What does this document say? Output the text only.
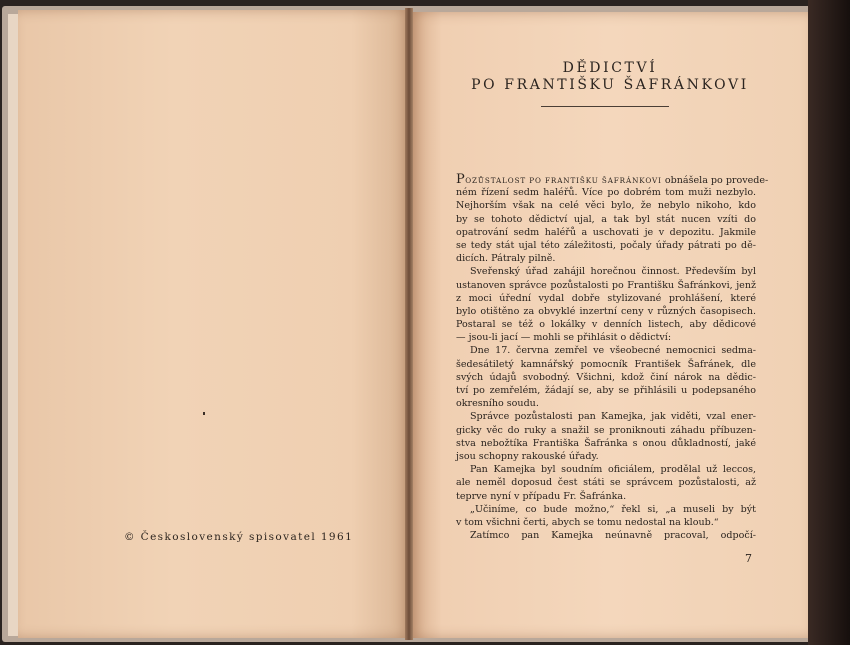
© Československý spisovatel 1961
DĚDICTVÍ
PO FRANTIŠKU ŠAFRÁNKOVI
POZŮSTALOST PO FRANTIŠKU ŠAFRÁNKOVI obnášela po provede-
ném řízení sedm haléřů. Více po dobrém tom muži nezbylo.
Nejhorším však na celé věci bylo, že nebylo nikoho, kdo
by se tohoto dědictví ujal, a tak byl stát nucen vzíti do
opatrování sedm haléřů a uschovati je v depozitu. Jakmile
se tedy stát ujal této záležitosti, počaly úřady pátrati po dě-
dicích. Pátraly pilně.
Sveřenský úřad zahájil horečnou činnost. Především byl
ustanoven správce pozůstalosti po Františku Šafránkovi, jenž
z moci úřední vydal dobře stylizované prohlášení, které
bylo otištěno za obvyklé inzertní ceny v různých časopisech.
Postaral se též o lokálky v denních listech, aby dědicové
— jsou-li jací — mohli se přihlásit o dědictví:
Dne 17. června zemřel ve všeobecné nemocnici sedma-
šedesátiletý kamnářský pomocník František Šafránek, dle
svých údajů svobodný. Všichni, kdož činí nárok na dědic-
tví po zemřelém, žádají se, aby se přihlásili u podepsaného
okresního soudu.
Správce pozůstalosti pan Kamejka, jak viděti, vzal ener-
gicky věc do ruky a snažil se proniknouti záhadu příbuzen-
stva nebožtíka Františka Šafránka s onou důkladností, jaké
jsou schopny rakouské úřady.
Pan Kamejka byl soudním oficiálem, prodělal už leccos,
ale neměl doposud čest státi se správcem pozůstalosti, až
teprve nyní v případu Fr. Šafránka.
„Učiníme, co bude možno,“ řekl si, „a museli by být
v tom všichni čerti, abych se tomu nedostal na kloub.“
Zatímco pan Kamejka neúnavně pracoval, odpočí-
7
